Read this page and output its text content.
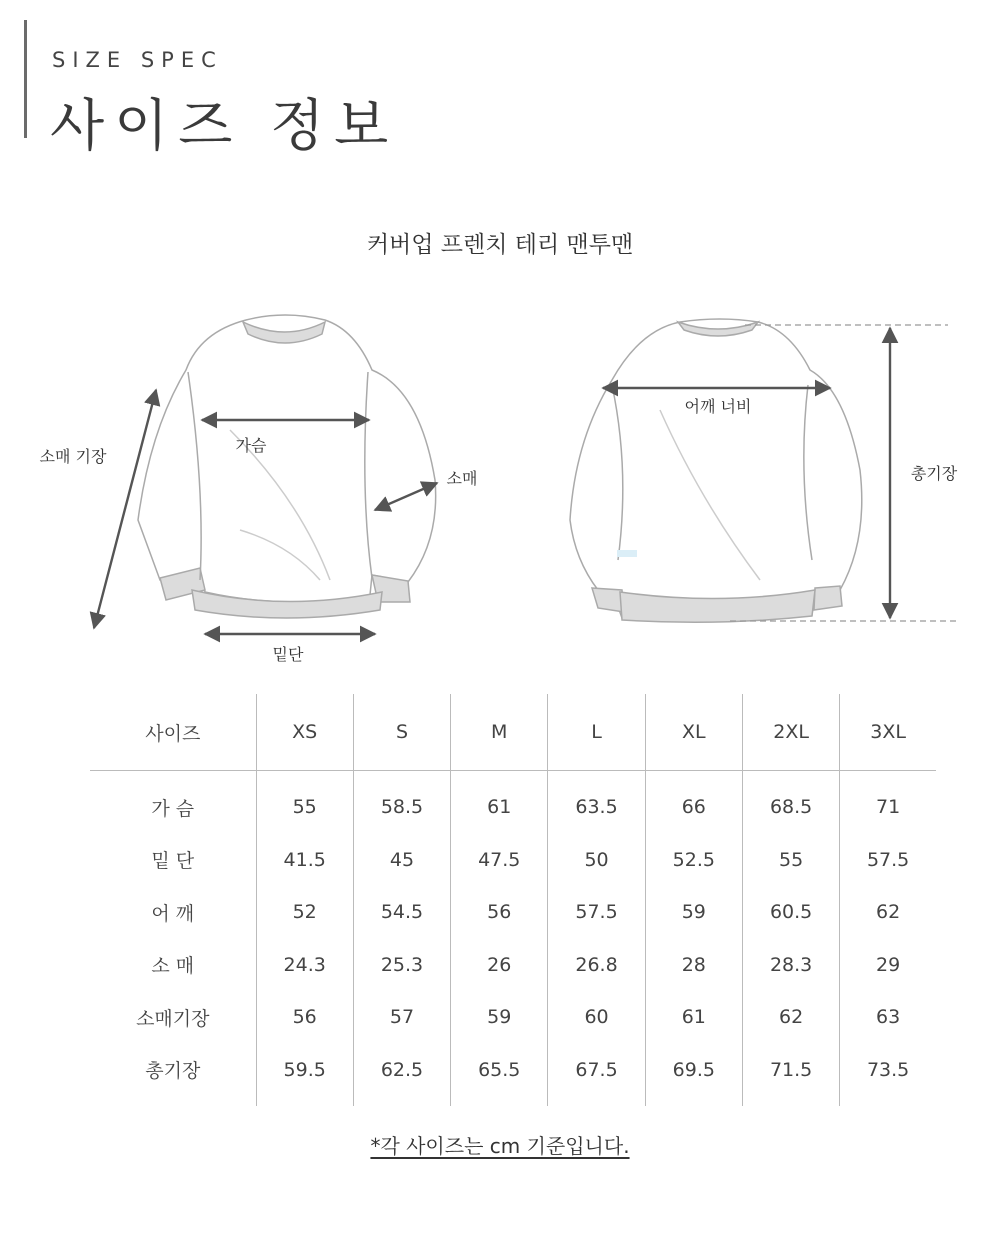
SIZE SPEC
사이즈 정보
커버업 프렌치 테리 맨투맨
소매 기장
가슴
소매
밑단
어깨 너비
총기장
사이즈	XS	S	M	L	XL	2XL	3XL
가 슴	55	58.5	61	63.5	66	68.5	71
밑 단	41.5	45	47.5	50	52.5	55	57.5
어 깨	52	54.5	56	57.5	59	60.5	62
소 매	24.3	25.3	26	26.8	28	28.3	29
소매기장	56	57	59	60	61	62	63
총기장	59.5	62.5	65.5	67.5	69.5	71.5	73.5
*각 사이즈는 cm 기준입니다.
